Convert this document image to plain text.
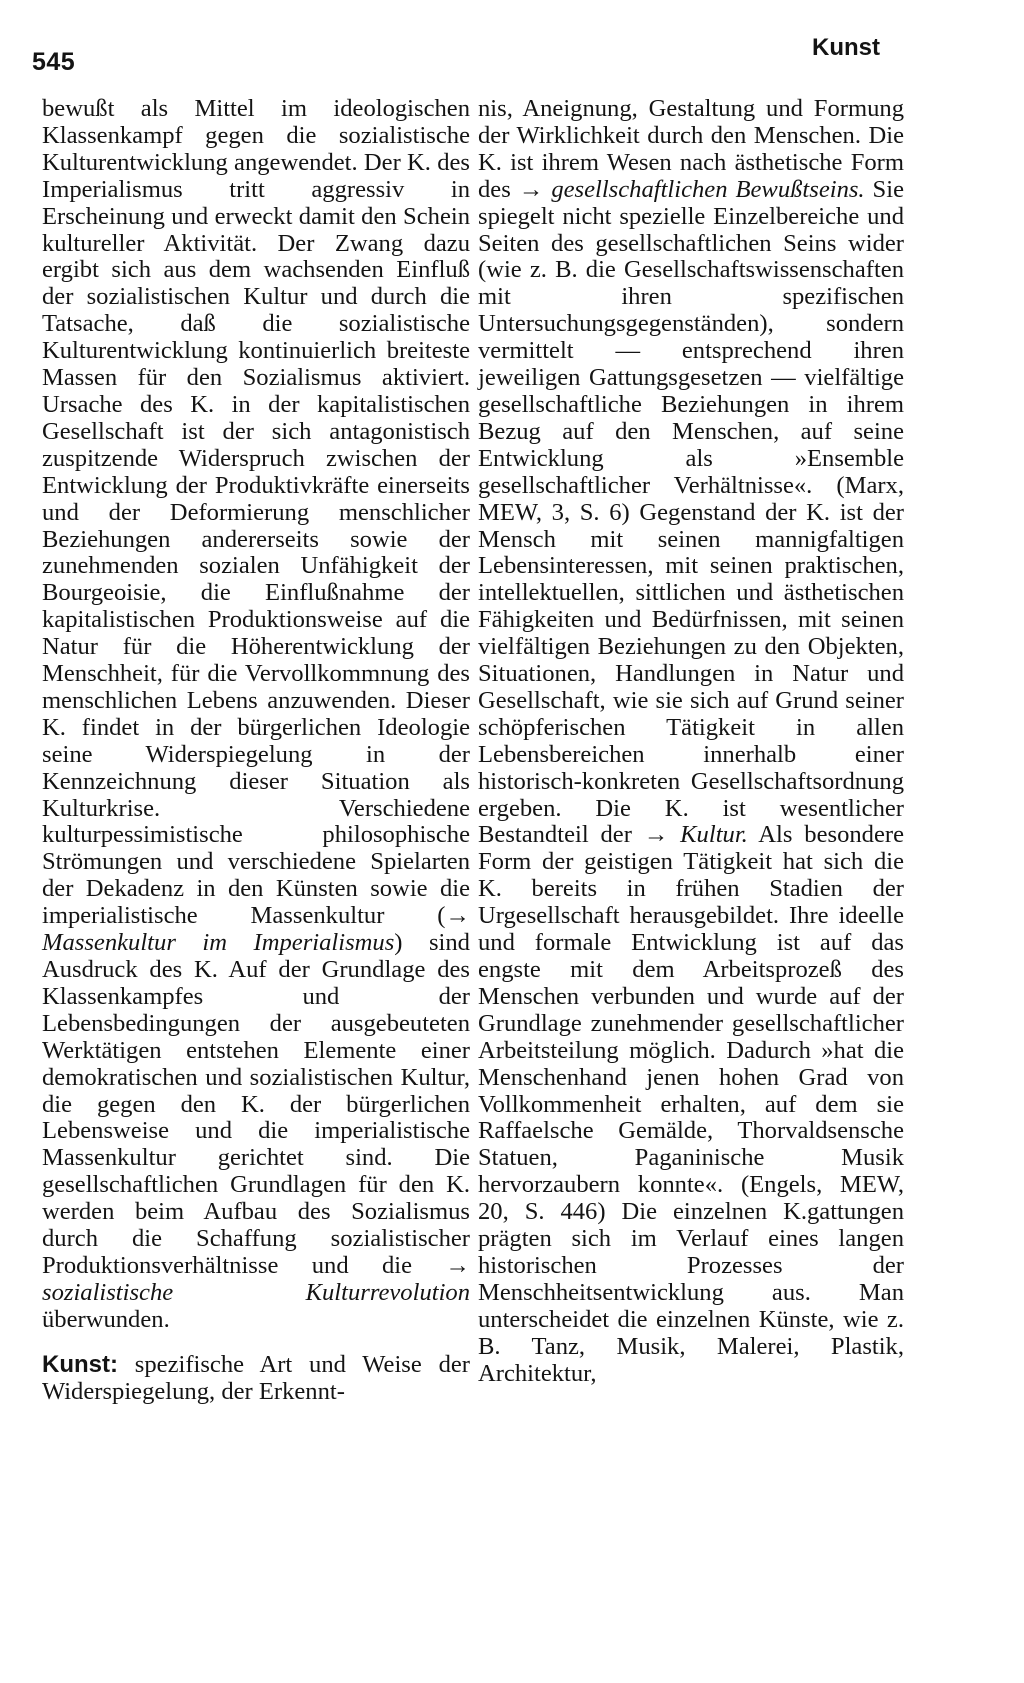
545
Kunst

bewußt als Mittel im ideologischen Klassenkampf gegen die sozialistische Kulturentwicklung angewendet. Der K. des Imperialismus tritt aggressiv in Erscheinung und erweckt damit den Schein kultureller Aktivität. Der Zwang dazu ergibt sich aus dem wachsenden Einfluß der sozialistischen Kultur und durch die Tatsache, daß die sozialistische Kulturentwicklung kontinuierlich breiteste Massen für den Sozialismus aktiviert. Ursache des K. in der kapitalistischen Gesellschaft ist der sich antagonistisch zuspitzende Widerspruch zwischen der Entwicklung der Produktivkräfte einerseits und der Deformierung menschlicher Beziehungen andererseits sowie der zunehmenden sozialen Unfähigkeit der Bourgeoisie, die Einflußnahme der kapitalistischen Produktionsweise auf die Natur für die Höherentwicklung der Menschheit, für die Vervollkommnung des menschlichen Lebens anzuwenden. Dieser K. findet in der bürgerlichen Ideologie seine Widerspiegelung in der Kennzeichnung dieser Situation als Kulturkrise. Verschiedene kulturpessimistische philosophische Strömungen und verschiedene Spielarten der Dekadenz in den Künsten sowie die imperialistische Massenkultur (→ Massenkultur im Imperialismus) sind Ausdruck des K. Auf der Grundlage des Klassenkampfes und der Lebensbedingungen der ausgebeuteten Werktätigen entstehen Elemente einer demokratischen und sozialistischen Kultur, die gegen den K. der bürgerlichen Lebensweise und die imperialistische Massenkultur gerichtet sind. Die gesellschaftlichen Grundlagen für den K. werden beim Aufbau des Sozialismus durch die Schaffung sozialistischer Produktionsverhältnisse und die → sozialistische Kulturrevolution überwunden.

Kunst: spezifische Art und Weise der Widerspiegelung, der Erkennt-

nis, Aneignung, Gestaltung und Formung der Wirklichkeit durch den Menschen. Die K. ist ihrem Wesen nach ästhetische Form des → gesellschaftlichen Bewußtseins. Sie spiegelt nicht spezielle Einzelbereiche und Seiten des gesellschaftlichen Seins wider (wie z. B. die Gesellschaftswissenschaften mit ihren spezifischen Untersuchungsgegenständen), sondern vermittelt — entsprechend ihren jeweiligen Gattungsgesetzen — vielfältige gesellschaftliche Beziehungen in ihrem Bezug auf den Menschen, auf seine Entwicklung als »Ensemble gesellschaftlicher Verhältnisse«. (Marx, MEW, 3, S. 6) Gegenstand der K. ist der Mensch mit seinen mannigfaltigen Lebensinteressen, mit seinen praktischen, intellektuellen, sittlichen und ästhetischen Fähigkeiten und Bedürfnissen, mit seinen vielfältigen Beziehungen zu den Objekten, Situationen, Handlungen in Natur und Gesellschaft, wie sie sich auf Grund seiner schöpferischen Tätigkeit in allen Lebensbereichen innerhalb einer historisch-konkreten Gesellschaftsordnung ergeben. Die K. ist wesentlicher Bestandteil der → Kultur. Als besondere Form der geistigen Tätigkeit hat sich die K. bereits in frühen Stadien der Urgesellschaft herausgebildet. Ihre ideelle und formale Entwicklung ist auf das engste mit dem Arbeitsprozeß des Menschen verbunden und wurde auf der Grundlage zunehmender gesellschaftlicher Arbeitsteilung möglich. Dadurch »hat die Menschenhand jenen hohen Grad von Vollkommenheit erhalten, auf dem sie Raffaelsche Gemälde, Thorvaldsensche Statuen, Paganinische Musik hervorzaubern konnte«. (Engels, MEW, 20, S. 446) Die einzelnen K.gattungen prägten sich im Verlauf eines langen historischen Prozesses der Menschheitsentwicklung aus. Man unterscheidet die einzelnen Künste, wie z. B. Tanz, Musik, Malerei, Plastik, Architektur,
